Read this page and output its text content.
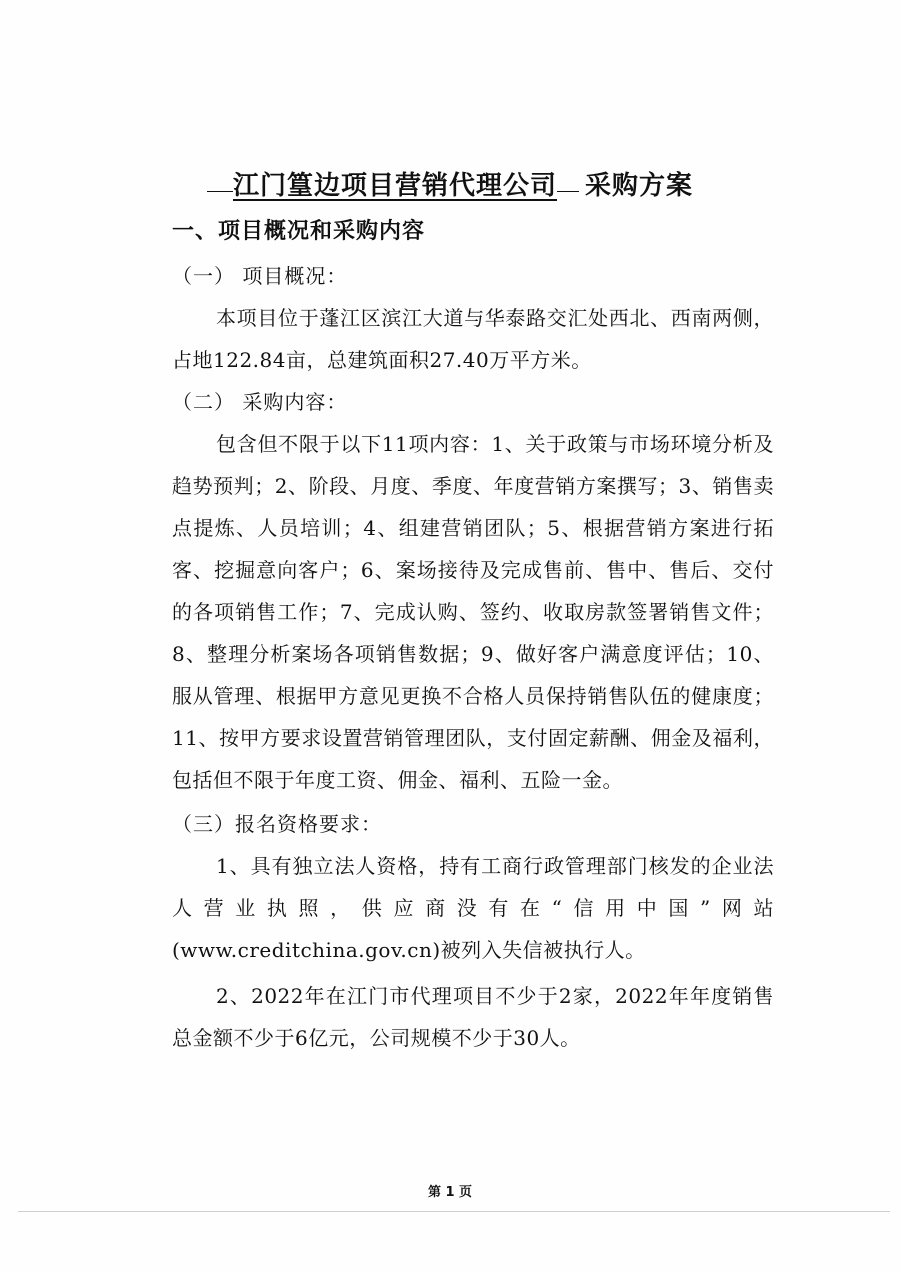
江门篁边项目营销代理公司 采购方案
一、项目概况和采购内容
（一） 项目概况：

本项目位于蓬江区滨江大道与华泰路交汇处西北、西南两侧，占地122.84亩，总建筑面积27.40万平方米。

（二） 采购内容：

包含但不限于以下11项内容：1、关于政策与市场环境分析及趋势预判；2、阶段、月度、季度、年度营销方案撰写；3、销售卖点提炼、人员培训；4、组建营销团队；5、根据营销方案进行拓客、挖掘意向客户；6、案场接待及完成售前、售中、售后、交付的各项销售工作；7、完成认购、签约、收取房款签署销售文件；8、整理分析案场各项销售数据；9、做好客户满意度评估；10、服从管理、根据甲方意见更换不合格人员保持销售队伍的健康度；11、按甲方要求设置营销管理团队，支付固定薪酬、佣金及福利，包括但不限于年度工资、佣金、福利、五险一金。

（三）报名资格要求：

1、具有独立法人资格，持有工商行政管理部门核发的企业法人营业执照，供应商没有在“信用中国”网站(www.creditchina.gov.cn)被列入失信被执行人。

2、2022年在江门市代理项目不少于2家，2022年年度销售总金额不少于6亿元，公司规模不少于30人。

第 1 页
